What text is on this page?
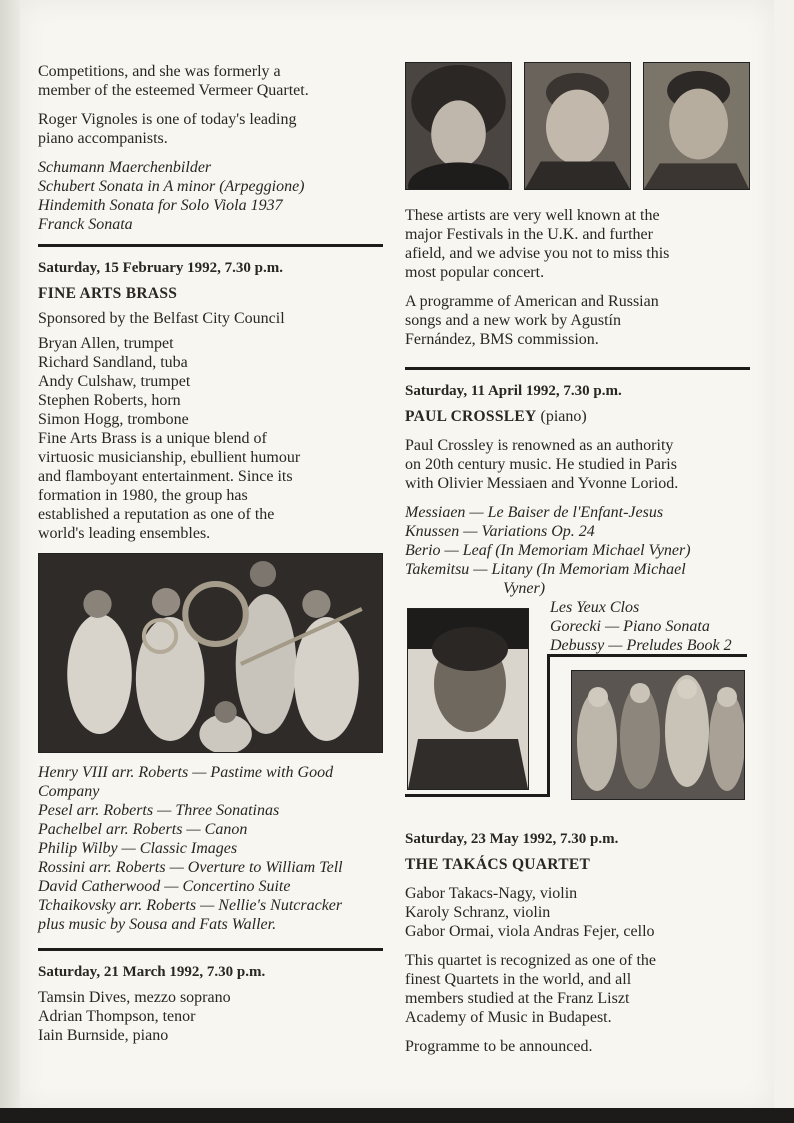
Competitions, and she was formerly a

member of the esteemed Vermeer Quartet.

Roger Vignoles is one of today's leading

piano accompanists.

Schumann Maerchenbilder

Schubert Sonata in A minor (Arpeggione)

Hindemith Sonata for Solo Viola 1937

Franck Sonata

Saturday, 15 February 1992, 7.30 p.m.

FINE ARTS BRASS

Sponsored by the Belfast City Council

Bryan Allen, trumpet

Richard Sandland, tuba

Andy Culshaw, trumpet

Stephen Roberts, horn

Simon Hogg, trombone

Fine Arts Brass is a unique blend of

virtuosic musicianship, ebullient humour

and flamboyant entertainment. Since its

formation in 1980, the group has

established a reputation as one of the

world's leading ensembles.

Henry VIII arr. Roberts — Pastime with Good

Company

Pesel arr. Roberts — Three Sonatinas

Pachelbel arr. Roberts — Canon

Philip Wilby — Classic Images

Rossini arr. Roberts — Overture to William Tell

David Catherwood — Concertino Suite

Tchaikovsky arr. Roberts — Nellie's Nutcracker

plus music by Sousa and Fats Waller.

Saturday, 21 March 1992, 7.30 p.m.

Tamsin Dives, mezzo soprano

Adrian Thompson, tenor

Iain Burnside, piano

These artists are very well known at the

major Festivals in the U.K. and further

afield, and we advise you not to miss this

most popular concert.

A programme of American and Russian

songs and a new work by Agustín

Fernández, BMS commission.

Saturday, 11 April 1992, 7.30 p.m.

PAUL CROSSLEY (piano)

Paul Crossley is renowned as an authority

on 20th century music. He studied in Paris

with Olivier Messiaen and Yvonne Loriod.

Messiaen — Le Baiser de l'Enfant-Jesus

Knussen — Variations Op. 24

Berio — Leaf (In Memoriam Michael Vyner)

Takemitsu — Litany (In Memoriam Michael

Vyner)

Les Yeux Clos

Gorecki — Piano Sonata

Debussy — Preludes Book 2

Saturday, 23 May 1992, 7.30 p.m.

THE TAKÁCS QUARTET

Gabor Takacs-Nagy, violin

Karoly Schranz, violin

Gabor Ormai, viola Andras Fejer, cello

This quartet is recognized as one of the

finest Quartets in the world, and all

members studied at the Franz Liszt

Academy of Music in Budapest.

Programme to be announced.
